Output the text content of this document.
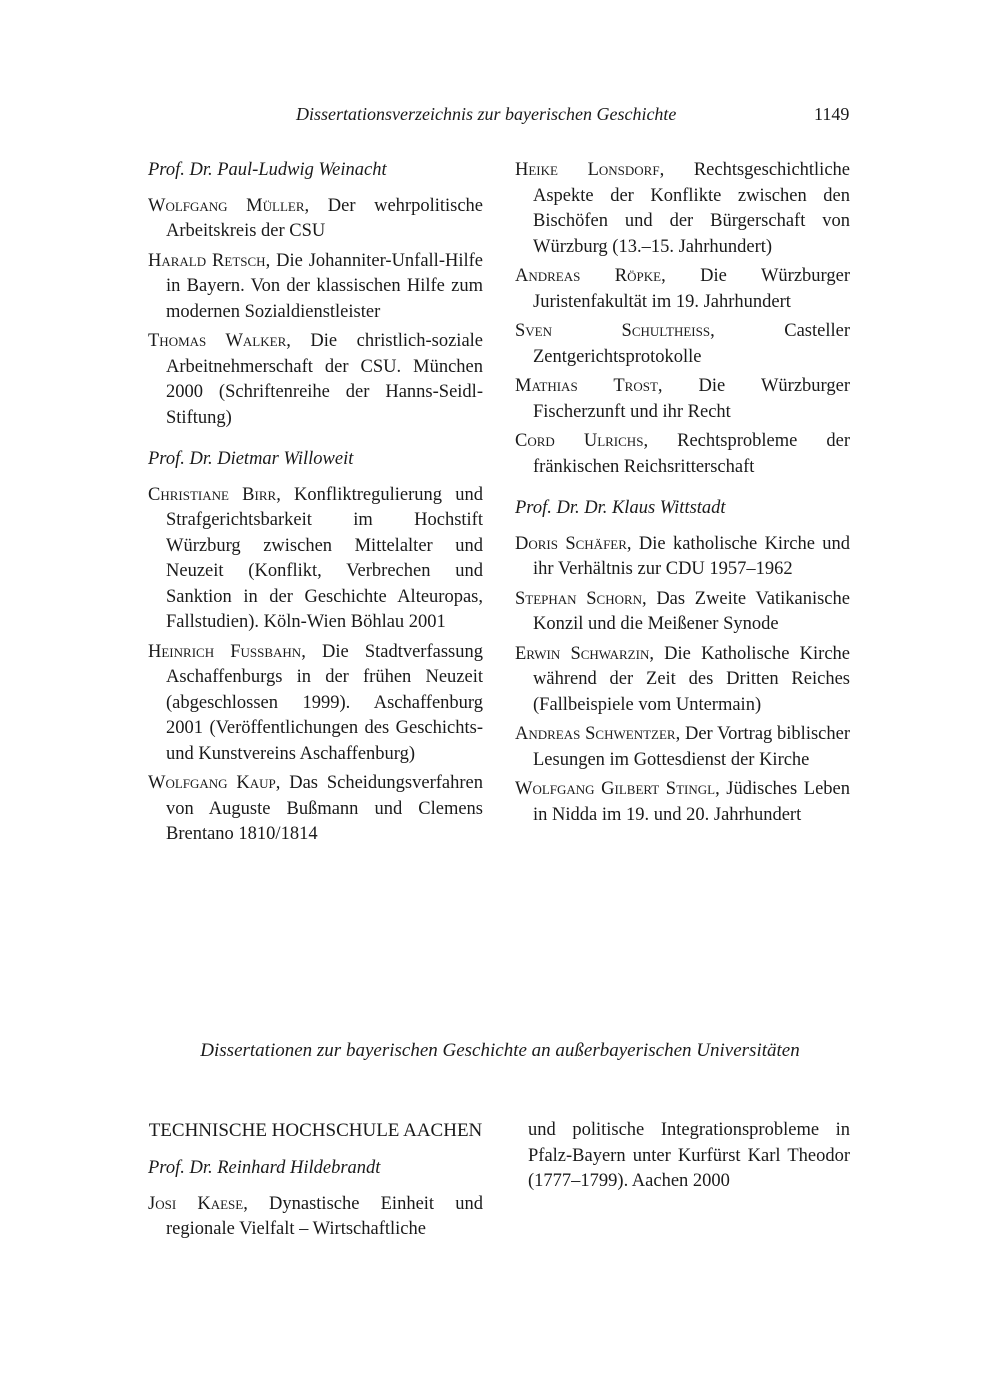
Dissertationsverzeichnis zur bayerischen Geschichte	1149
Prof. Dr. Paul-Ludwig Weinacht
Wolfgang Müller, Der wehrpolitische Arbeitskreis der CSU
Harald Retsch, Die Johanniter-Unfall-Hilfe in Bayern. Von der klassischen Hilfe zum modernen Sozialdienstleister
Thomas Walker, Die christlich-soziale Arbeitnehmerschaft der CSU. München 2000 (Schriftenreihe der Hanns-Seidl-Stiftung)
Prof. Dr. Dietmar Willoweit
Christiane Birr, Konfliktregulierung und Strafgerichtsbarkeit im Hochstift Würzburg zwischen Mittelalter und Neuzeit (Konflikt, Verbrechen und Sanktion in der Geschichte Alteuropas, Fallstudien). Köln-Wien Böhlau 2001
Heinrich Fußbahn, Die Stadtverfassung Aschaffenburgs in der frühen Neuzeit (abgeschlossen 1999). Aschaffenburg 2001 (Veröffentlichungen des Geschichts- und Kunstvereins Aschaffenburg)
Wolfgang Kaup, Das Scheidungsverfahren von Auguste Bußmann und Clemens Brentano 1810/1814
Heike Lonsdorf, Rechtsgeschichtliche Aspekte der Konflikte zwischen den Bischöfen und der Bürgerschaft von Würzburg (13.–15. Jahrhundert)
Andreas Röpke, Die Würzburger Juristenfakultät im 19. Jahrhundert
Sven Schultheiss, Casteller Zentgerichtsprotokolle
Mathias Trost, Die Würzburger Fischerzunft und ihr Recht
Cord Ulrichs, Rechtsprobleme der fränkischen Reichsritterschaft
Prof. Dr. Dr. Klaus Wittstadt
Doris Schäfer, Die katholische Kirche und ihr Verhältnis zur CDU 1957–1962
Stephan Schorn, Das Zweite Vatikanische Konzil und die Meißener Synode
Erwin Schwarzin, Die Katholische Kirche während der Zeit des Dritten Reiches (Fallbeispiele vom Untermain)
Andreas Schwentzer, Der Vortrag biblischer Lesungen im Gottesdienst der Kirche
Wolfgang Gilbert Stingl, Jüdisches Leben in Nidda im 19. und 20. Jahrhundert
Dissertationen zur bayerischen Geschichte an außerbayerischen Universitäten
TECHNISCHE HOCHSCHULE AACHEN
Prof. Dr. Reinhard Hildebrandt
Josi Kaese, Dynastische Einheit und regionale Vielfalt – Wirtschaftliche
und politische Integrationsprobleme in Pfalz-Bayern unter Kurfürst Karl Theodor (1777–1799). Aachen 2000
